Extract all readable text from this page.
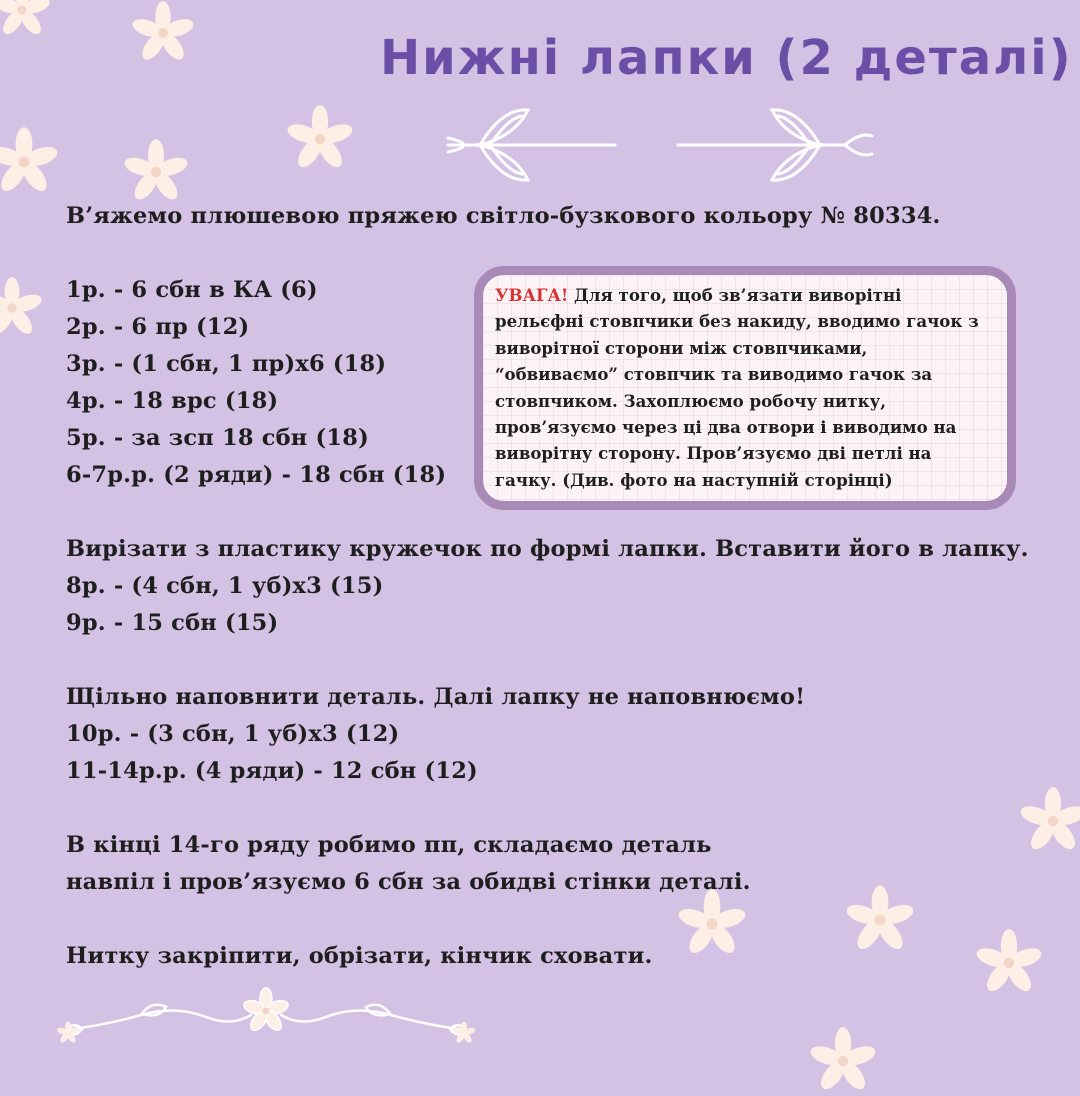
Нижні лапки (2 деталі)
В’яжемо плюшевою пряжею світло-бузкового кольору № 80334.
1р. - 6 сбн в КА (6)
2р. - 6 пр (12)
3р. - (1 сбн, 1 пр)х6 (18)
4р. - 18 врс (18)
5р. - за зсп 18 сбн (18)
6-7р.р. (2 ряди) - 18 сбн (18)

УВАГА! Для того, щоб зв’язати виворітні
рельєфні стовпчики без накиду, вводимо гачок з
виворітної сторони між стовпчиками,
“обвиваємо” стовпчик та виводимо гачок за
стовпчиком. Захоплюємо робочу нитку,
пров’язуємо через ці два отвори і виводимо на
виворітну сторону. Пров’язуємо дві петлі на
гачку. (Див. фото на наступній сторінці)

Вирізати з пластику кружечок по формі лапки. Вставити його в лапку.
8р. - (4 сбн, 1 уб)х3 (15)
9р. - 15 сбн (15)
Щільно наповнити деталь. Далі лапку не наповнюємо!
10р. - (3 сбн, 1 уб)х3 (12)
11-14р.р. (4 ряди) - 12 сбн (12)
В кінці 14-го ряду робимо пп, складаємо деталь
навпіл і пров’язуємо 6 сбн за обидві стінки деталі.
Нитку закріпити, обрізати, кінчик сховати.
